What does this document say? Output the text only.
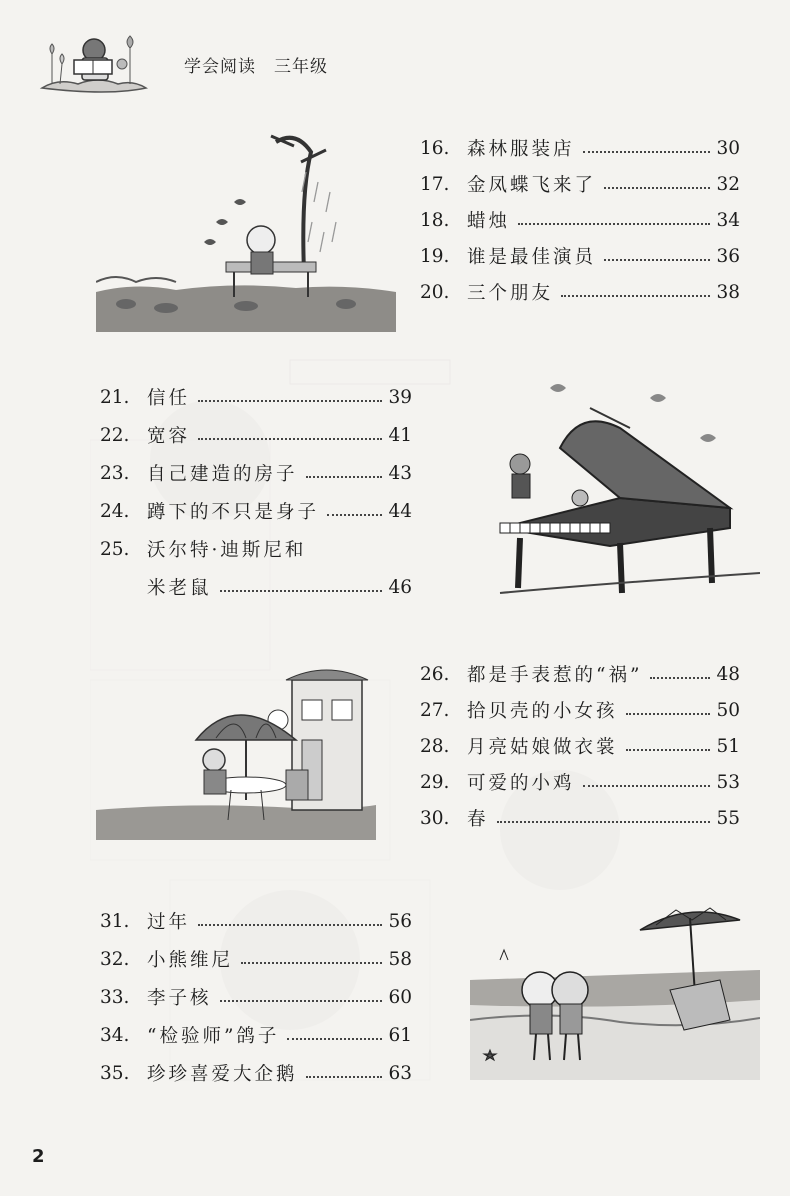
学会阅读　三年级
16. 森林服装店	30
17. 金凤蝶飞来了	32
18. 蜡烛	34
19. 谁是最佳演员	36
20. 三个朋友	38
21. 信任	39
22. 宽容	41
23. 自己建造的房子	43
24. 蹲下的不只是身子	44
25. 沃尔特·迪斯尼和
米老鼠	46
26. 都是手表惹的“祸”	48
27. 拾贝壳的小女孩	50
28. 月亮姑娘做衣裳	51
29. 可爱的小鸡	53
30. 春	55
31. 过年	56
32. 小熊维尼	58
33. 李子核	60
34. “检验师”鸽子	61
35. 珍珍喜爱大企鹅	63
2
